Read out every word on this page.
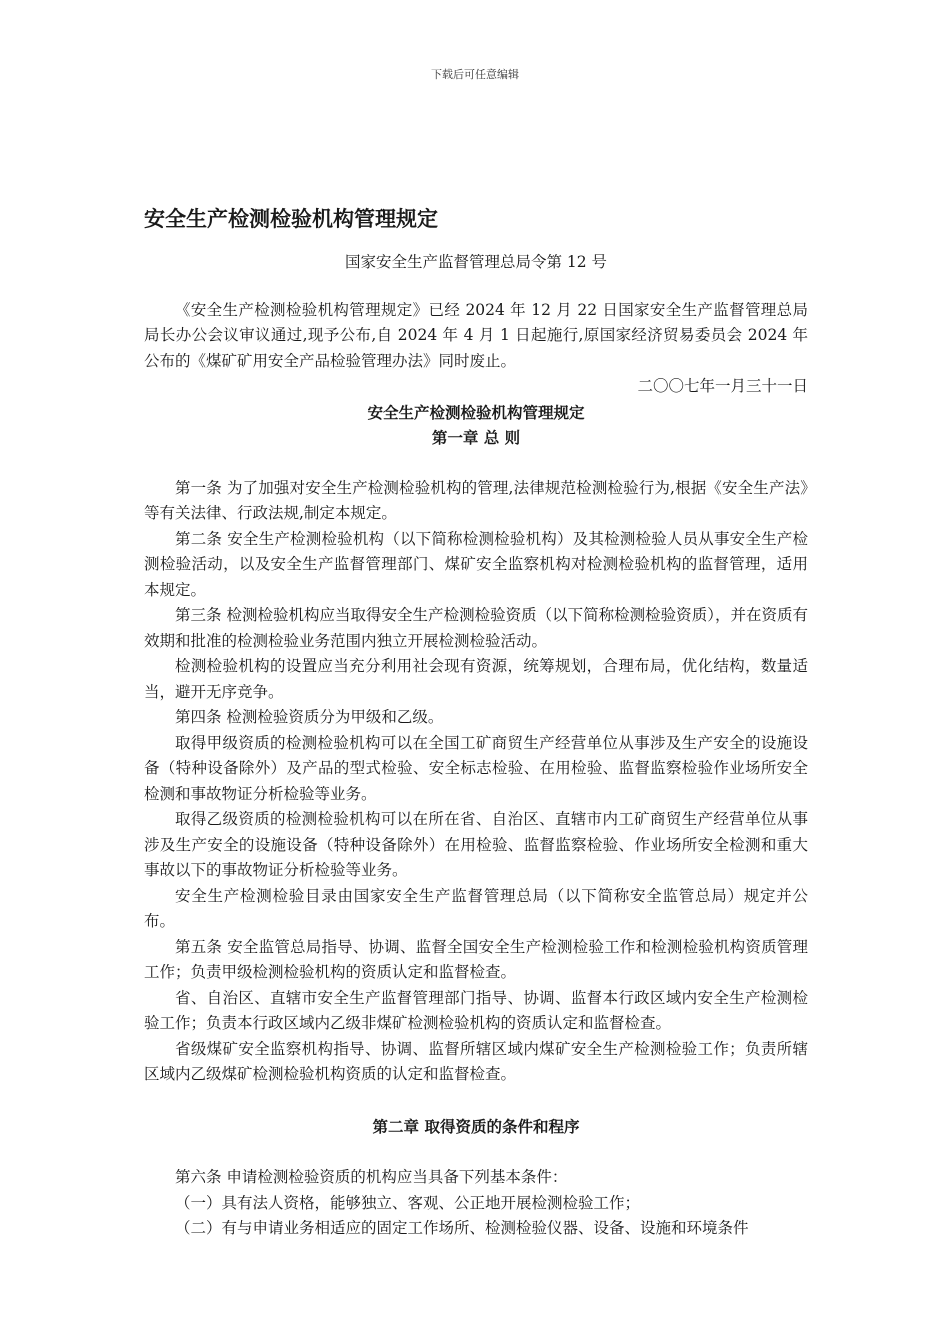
下载后可任意编辑
安全生产检测检验机构管理规定

国家安全生产监督管理总局令第 12 号

《安全生产检测检验机构管理规定》已经 2024 年 12 月 22 日国家安全生产监督管理总局局长办公会议审议通过,现予公布,自 2024 年 4 月 1 日起施行,原国家经济贸易委员会 2024 年公布的《煤矿矿用安全产品检验管理办法》同时废止。

二〇〇七年一月三十一日

安全生产检测检验机构管理规定

第一章 总 则

第一条 为了加强对安全生产检测检验机构的管理,法律规范检测检验行为,根据《安全生产法》等有关法律、行政法规,制定本规定。

第二条 安全生产检测检验机构（以下简称检测检验机构）及其检测检验人员从事安全生产检测检验活动，以及安全生产监督管理部门、煤矿安全监察机构对检测检验机构的监督管理，适用本规定。

第三条 检测检验机构应当取得安全生产检测检验资质（以下简称检测检验资质），并在资质有效期和批准的检测检验业务范围内独立开展检测检验活动。

检测检验机构的设置应当充分利用社会现有资源，统筹规划，合理布局，优化结构，数量适当，避开无序竞争。

第四条 检测检验资质分为甲级和乙级。

取得甲级资质的检测检验机构可以在全国工矿商贸生产经营单位从事涉及生产安全的设施设备（特种设备除外）及产品的型式检验、安全标志检验、在用检验、监督监察检验作业场所安全检测和事故物证分析检验等业务。

取得乙级资质的检测检验机构可以在所在省、自治区、直辖市内工矿商贸生产经营单位从事涉及生产安全的设施设备（特种设备除外）在用检验、监督监察检验、作业场所安全检测和重大事故以下的事故物证分析检验等业务。

安全生产检测检验目录由国家安全生产监督管理总局（以下简称安全监管总局）规定并公布。

第五条 安全监管总局指导、协调、监督全国安全生产检测检验工作和检测检验机构资质管理工作；负责甲级检测检验机构的资质认定和监督检查。

省、自治区、直辖市安全生产监督管理部门指导、协调、监督本行政区域内安全生产检测检验工作；负责本行政区域内乙级非煤矿检测检验机构的资质认定和监督检查。

省级煤矿安全监察机构指导、协调、监督所辖区域内煤矿安全生产检测检验工作；负责所辖区域内乙级煤矿检测检验机构资质的认定和监督检查。

第二章 取得资质的条件和程序

第六条 申请检测检验资质的机构应当具备下列基本条件：

（一）具有法人资格，能够独立、客观、公正地开展检测检验工作；

（二）有与申请业务相适应的固定工作场所、检测检验仪器、设备、设施和环境条件
